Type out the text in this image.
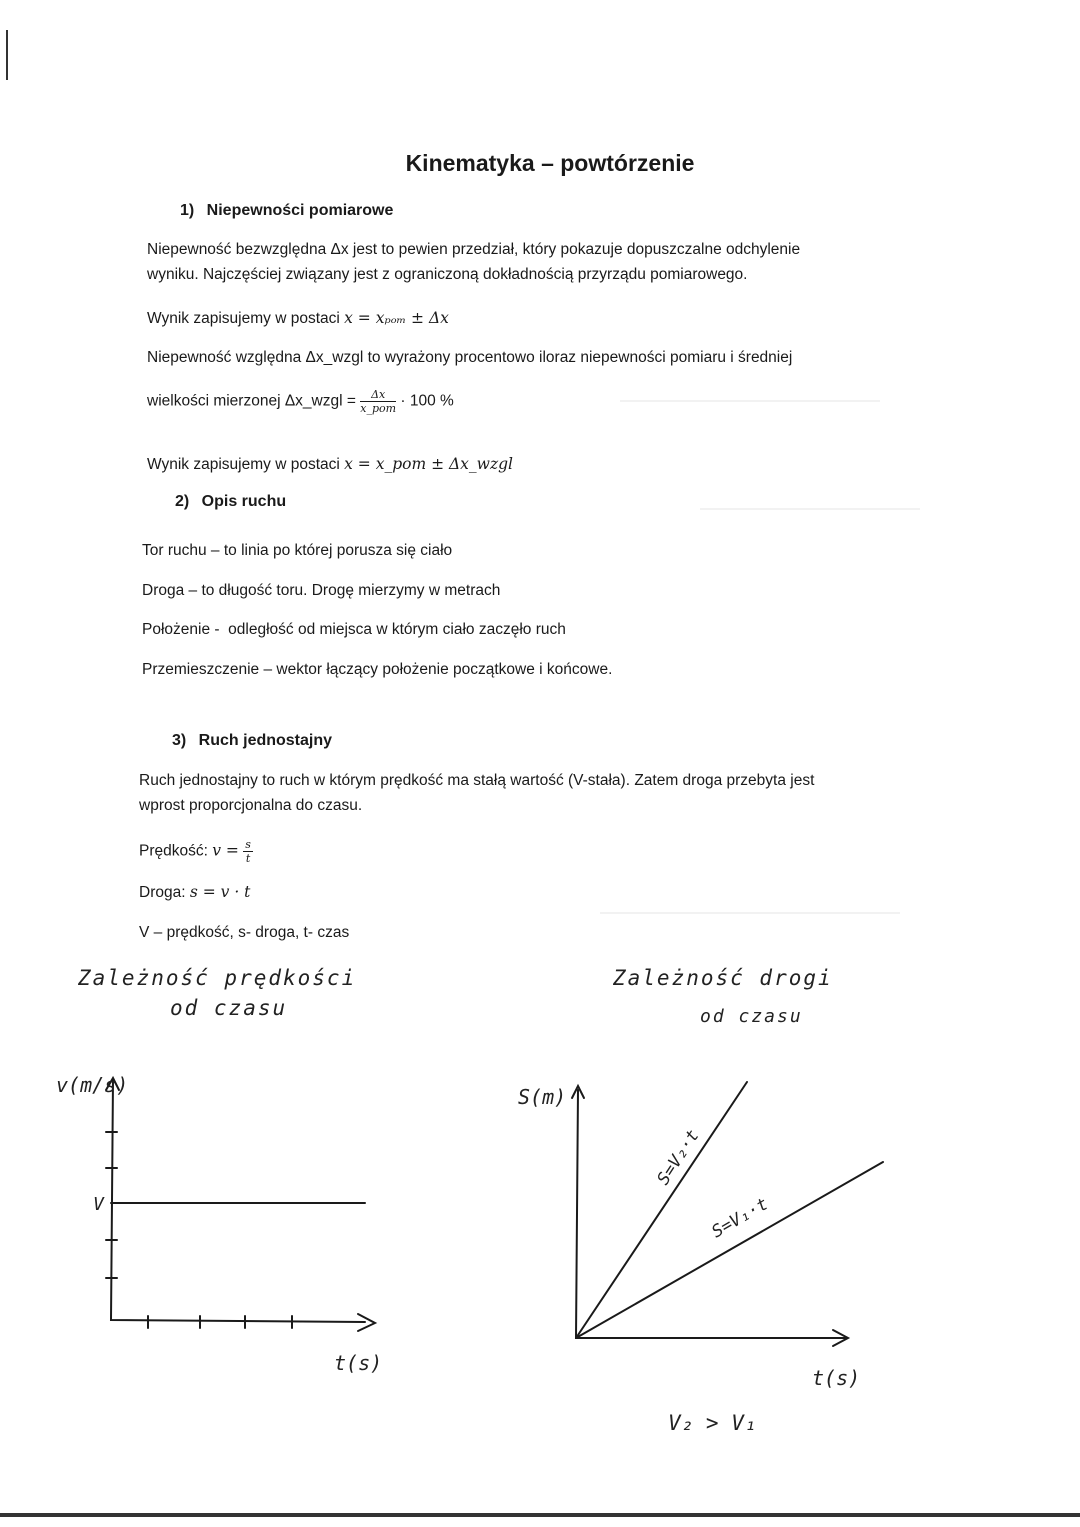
Kinematyka – powtórzenie
1)  Niepewności pomiarowe
Niepewność bezwzględna Δx jest to pewien przedział, który pokazuje dopuszczalne odchylenie
wyniku. Najczęściej związany jest z ograniczoną dokładnością przyrządu pomiarowego.
Wynik zapisujemy w postaci x = xₚₒₘ ± Δx
Niepewność względna Δx_wzgl to wyrażony procentowo iloraz niepewności pomiaru i średniej
wielkości mierzonej Δx_wzgl = $\frac{\Delta x}{\text{x\_pom}} \cdot 100$ %
Wynik zapisujemy w postaci x = x_pom ± Δx_wzgl
2)  Opis ruchu
Tor ruchu – to linia po której porusza się ciało
Droga – to długość toru. Drogę mierzymy w metrach
Położenie -  odległość od miejsca w którym ciało zaczęło ruch
Przemieszczenie – wektor łączący położenie początkowe i końcowe.
3)  Ruch jednostajny
Ruch jednostajny to ruch w którym prędkość ma stałą wartość (V-stała). Zatem droga przebyta jest
wprost proporcjonalna do czasu.
Prędkość: $v = \frac{s}{t}$
Droga: s = v · t
V – prędkość, s- droga, t- czas
Zależność prędkości
od czasu
Zależność drogi
od czasu
v(m/s)
V
t(s)
S(m)
S=V₂·t
S=V₁·t
t(s)
V₂ > V₁
